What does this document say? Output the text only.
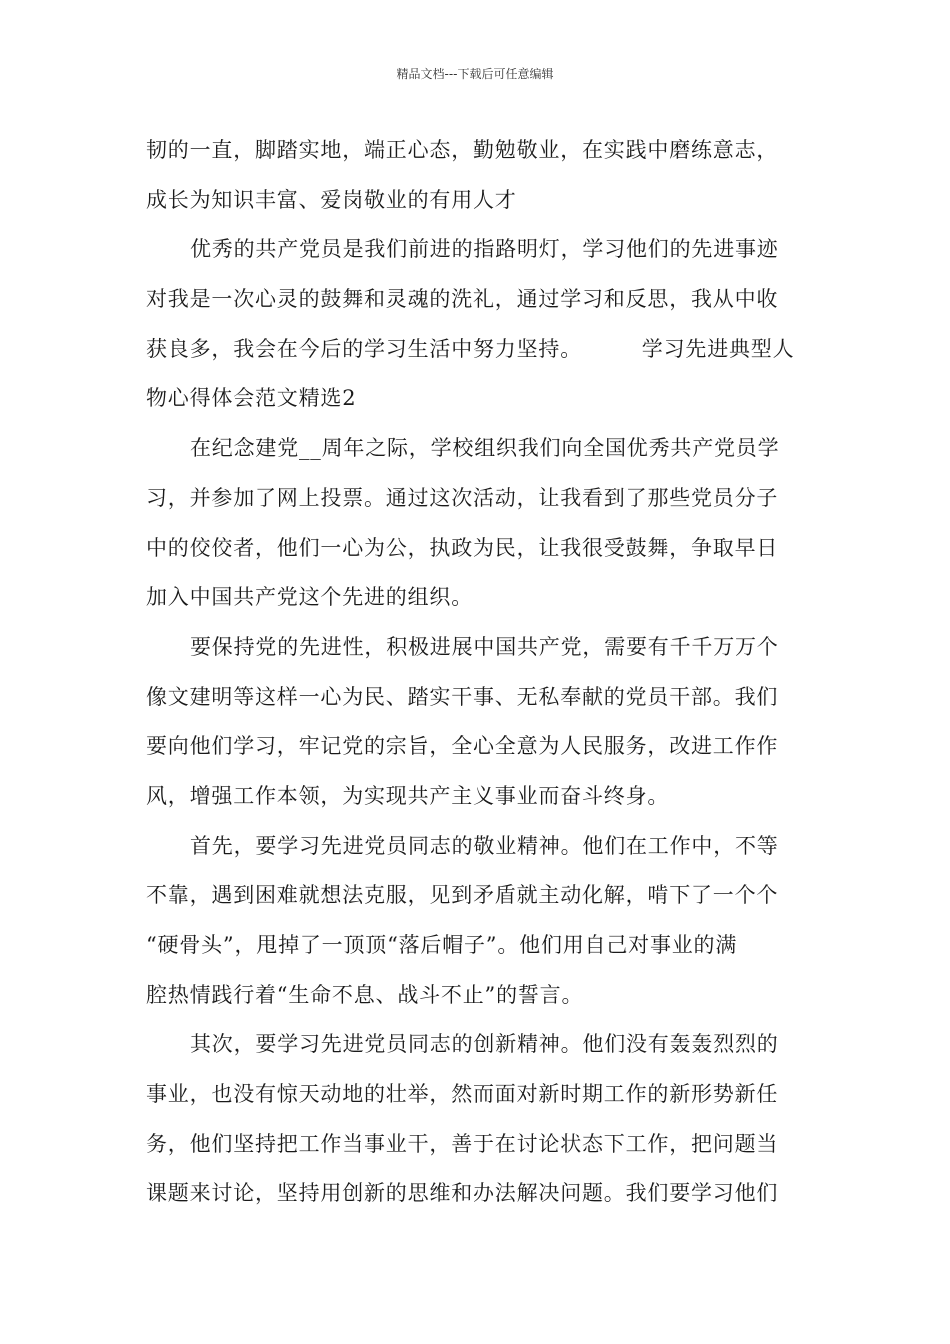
精品文档---下载后可任意编辑
韧的一直，脚踏实地，端正心态，勤勉敬业，在实践中磨练意志，
成长为知识丰富、爱岗敬业的有用人才
优秀的共产党员是我们前进的指路明灯，学习他们的先进事迹
对我是一次心灵的鼓舞和灵魂的洗礼，通过学习和反思，我从中收
获良多，我会在今后的学习生活中努力坚持。        学习先进典型人
物心得体会范文精选2
在纪念建党__周年之际，学校组织我们向全国优秀共产党员学
习，并参加了网上投票。通过这次活动，让我看到了那些党员分子
中的佼佼者，他们一心为公，执政为民，让我很受鼓舞，争取早日
加入中国共产党这个先进的组织。
要保持党的先进性，积极进展中国共产党，需要有千千万万个
像文建明等这样一心为民、踏实干事、无私奉献的党员干部。我们
要向他们学习，牢记党的宗旨，全心全意为人民服务，改进工作作
风，增强工作本领，为实现共产主义事业而奋斗终身。
首先，要学习先进党员同志的敬业精神。他们在工作中，不等
不靠，遇到困难就想法克服，见到矛盾就主动化解，啃下了一个个
“硬骨头”，甩掉了一顶顶“落后帽子”。他们用自己对事业的满
腔热情践行着“生命不息、战斗不止”的誓言。
其次，要学习先进党员同志的创新精神。他们没有轰轰烈烈的
事业，也没有惊天动地的壮举，然而面对新时期工作的新形势新任
务，他们坚持把工作当事业干，善于在讨论状态下工作，把问题当
课题来讨论，坚持用创新的思维和办法解决问题。我们要学习他们
